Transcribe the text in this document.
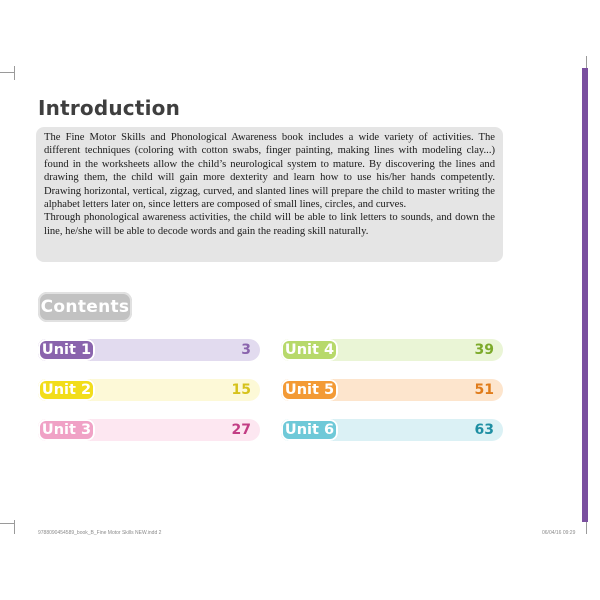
Introduction

The Fine Motor Skills and Phonological Awareness book includes a wide variety of activities. The different techniques (coloring with cotton swabs, finger painting, making lines with modeling clay...) found in the worksheets allow the child’s neurological system to mature. By discovering the lines and drawing them, the child will gain more dexterity and learn how to use his/her hands competently. Drawing horizontal, vertical, zigzag, curved, and slanted lines will prepare the child to master writing the alphabet letters later on, since letters are composed of small lines, circles, and curves.

Through phonological awareness activities, the child will be able to link letters to sounds, and down the line, he/she will be able to decode words and gain the reading skill naturally.

Contents
Unit 1	3
Unit 2	15
Unit 3	27
Unit 4	39
Unit 5	51
Unit 6	63
9788090454589_book_B_Fine Motor Skills NEW.indd 2	06/04/16 09:29
